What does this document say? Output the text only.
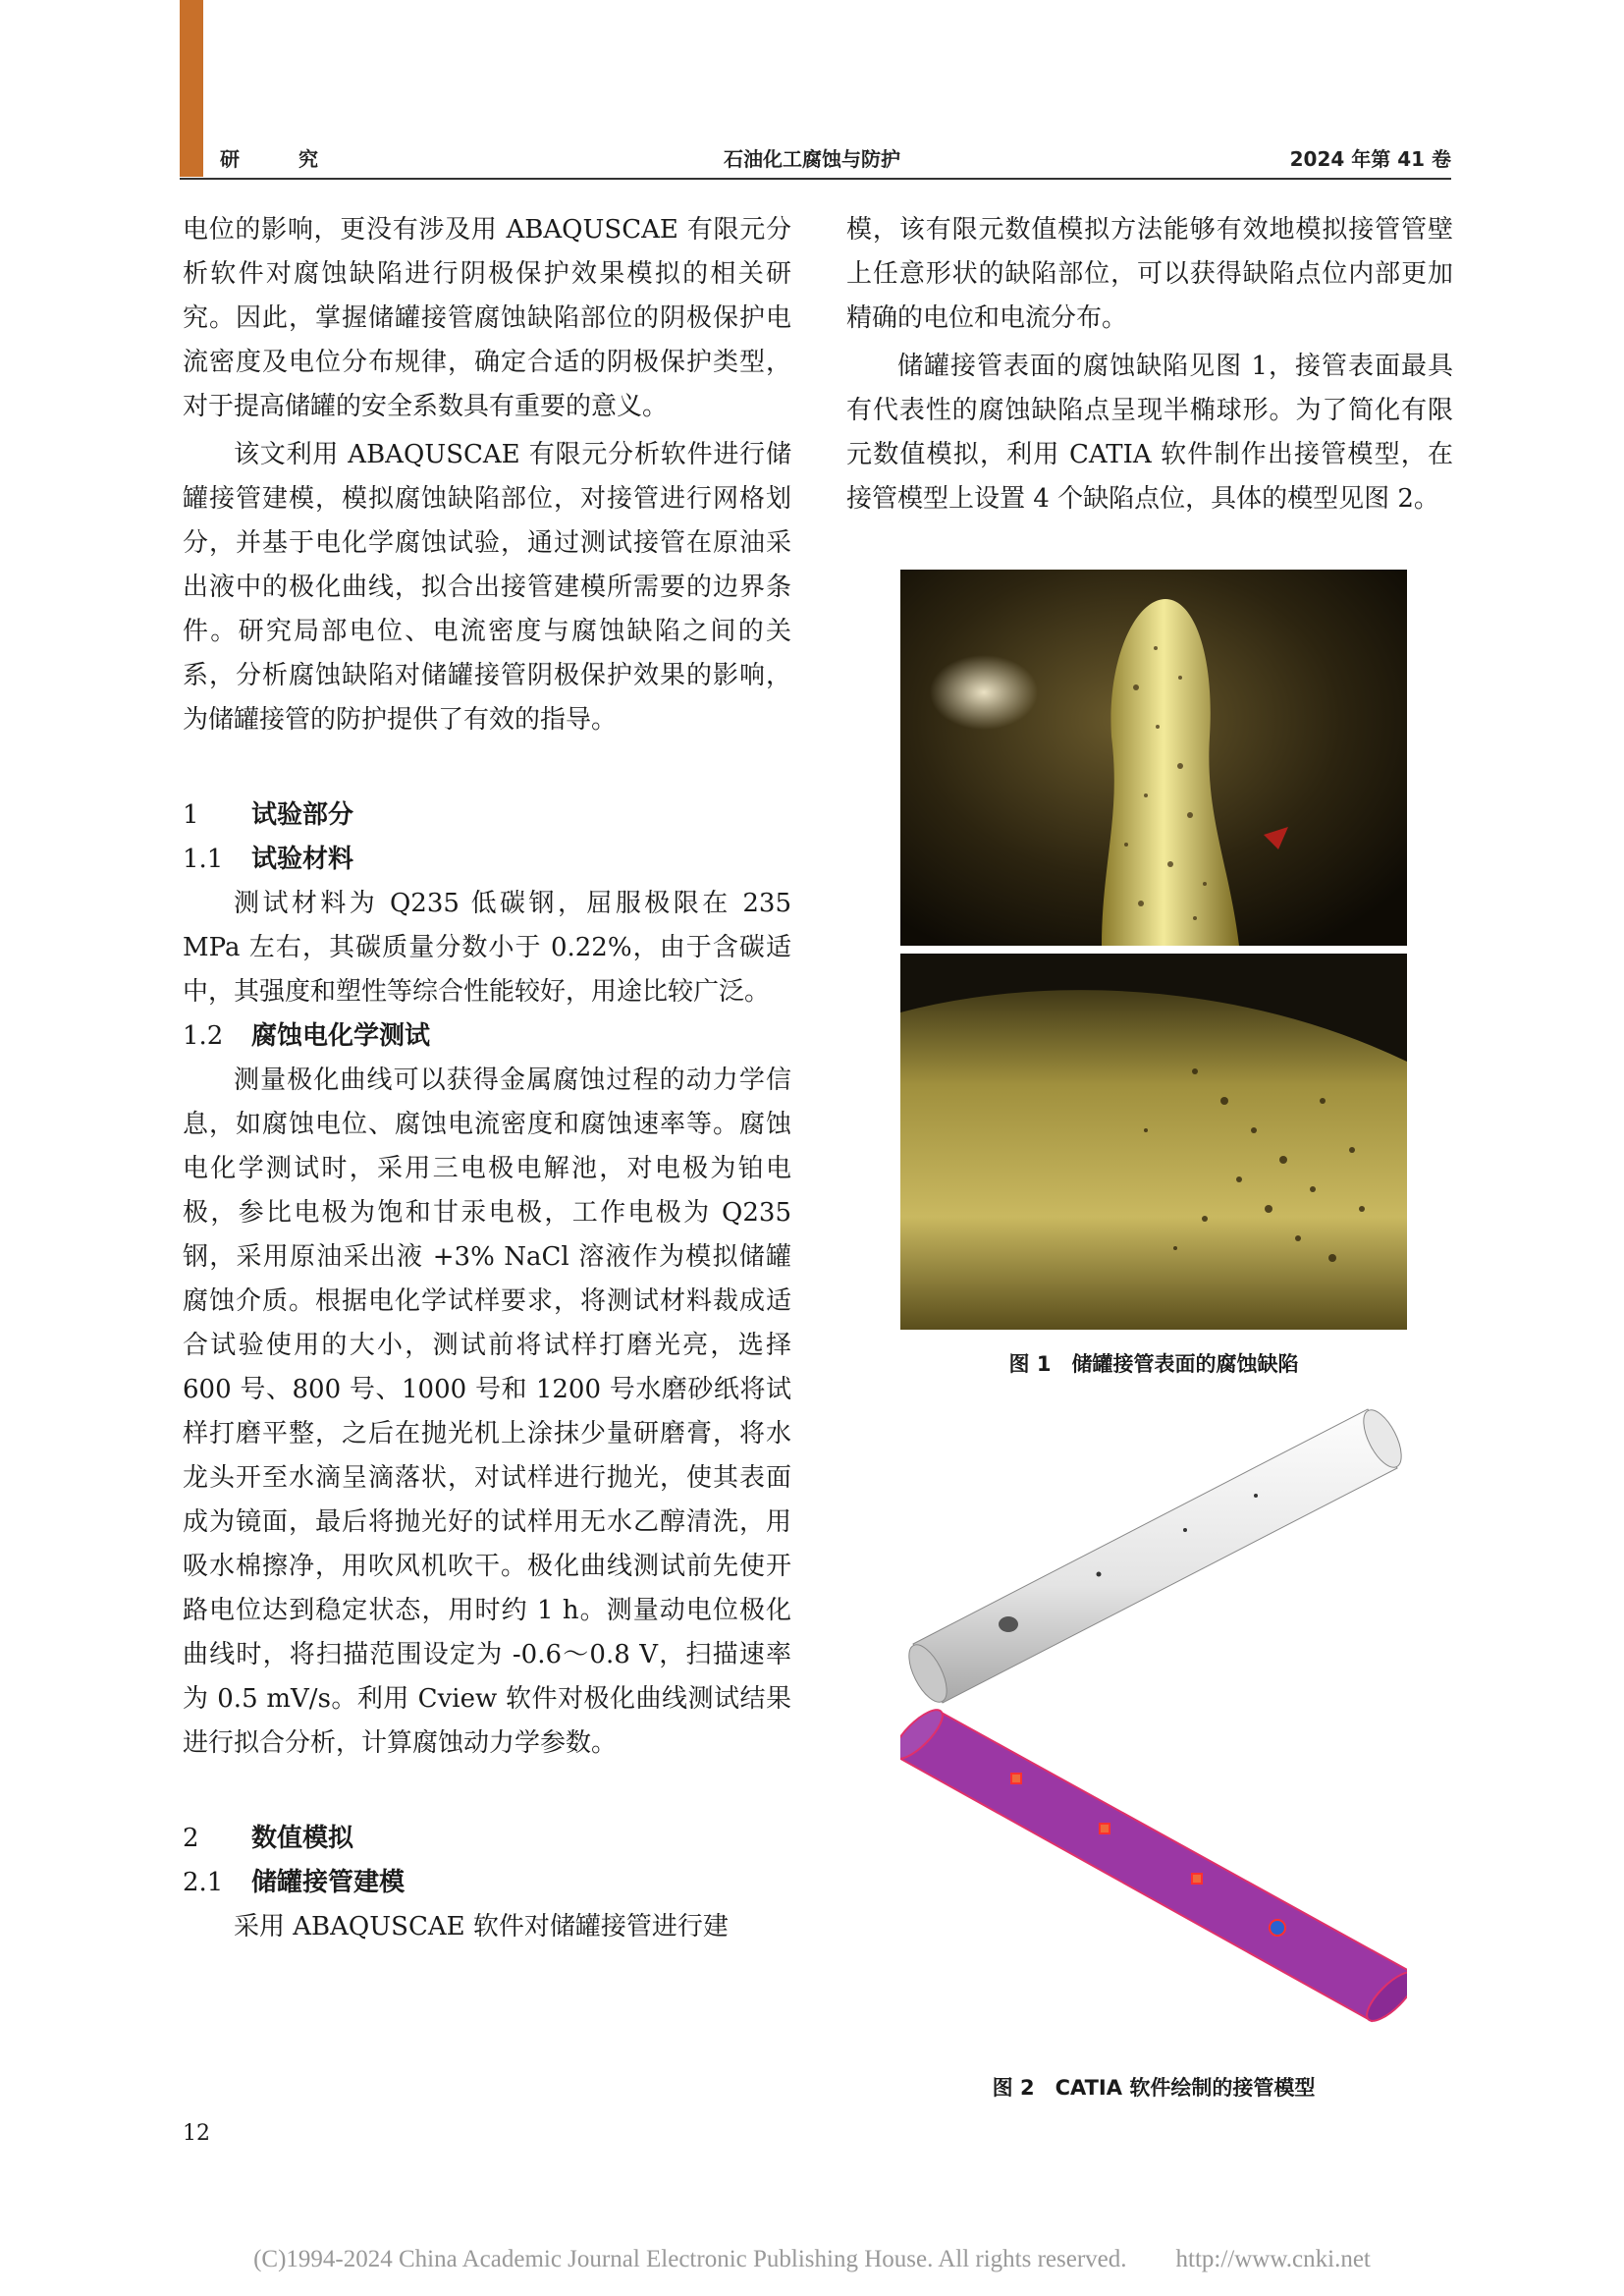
研　　　究	石油化工腐蚀与防护	2024 年第 41 卷

电位的影响，更没有涉及用 ABAQUSCAE 有限元分析软件对腐蚀缺陷进行阴极保护效果模拟的相关研究。因此，掌握储罐接管腐蚀缺陷部位的阴极保护电流密度及电位分布规律，确定合适的阴极保护类型，对于提高储罐的安全系数具有重要的意义。

该文利用 ABAQUSCAE 有限元分析软件进行储罐接管建模，模拟腐蚀缺陷部位，对接管进行网格划分，并基于电化学腐蚀试验，通过测试接管在原油采出液中的极化曲线，拟合出接管建模所需要的边界条件。研究局部电位、电流密度与腐蚀缺陷之间的关系，分析腐蚀缺陷对储罐接管阴极保护效果的影响，为储罐接管的防护提供了有效的指导。

1 试验部分
1.1 试验材料

测试材料为 Q235 低碳钢，屈服极限在 235 MPa 左右，其碳质量分数小于 0.22%，由于含碳适中，其强度和塑性等综合性能较好，用途比较广泛。

1.2 腐蚀电化学测试

测量极化曲线可以获得金属腐蚀过程的动力学信息，如腐蚀电位、腐蚀电流密度和腐蚀速率等。腐蚀电化学测试时，采用三电极电解池，对电极为铂电极，参比电极为饱和甘汞电极，工作电极为 Q235 钢，采用原油采出液 +3% NaCl 溶液作为模拟储罐腐蚀介质。根据电化学试样要求，将测试材料裁成适合试验使用的大小，测试前将试样打磨光亮，选择 600 号、800 号、1000 号和 1200 号水磨砂纸将试样打磨平整，之后在抛光机上涂抹少量研磨膏，将水龙头开至水滴呈滴落状，对试样进行抛光，使其表面成为镜面，最后将抛光好的试样用无水乙醇清洗，用吸水棉擦净，用吹风机吹干。极化曲线测试前先使开路电位达到稳定状态，用时约 1 h。测量动电位极化曲线时，将扫描范围设定为 -0.6～0.8 V，扫描速率为 0.5 mV/s。利用 Cview 软件对极化曲线测试结果进行拟合分析，计算腐蚀动力学参数。

2 数值模拟
2.1 储罐接管建模

采用 ABAQUSCAE 软件对储罐接管进行建

模，该有限元数值模拟方法能够有效地模拟接管管壁上任意形状的缺陷部位，可以获得缺陷点位内部更加精确的电位和电流分布。

储罐接管表面的腐蚀缺陷见图 1，接管表面最具有代表性的腐蚀缺陷点呈现半椭球形。为了简化有限元数值模拟，利用 CATIA 软件制作出接管模型，在接管模型上设置 4 个缺陷点位，具体的模型见图 2。

图 1　储罐接管表面的腐蚀缺陷
图 2　CATIA 软件绘制的接管模型
12
(C)1994-2024 China Academic Journal Electronic Publishing House. All rights reserved.　　http://www.cnki.net
